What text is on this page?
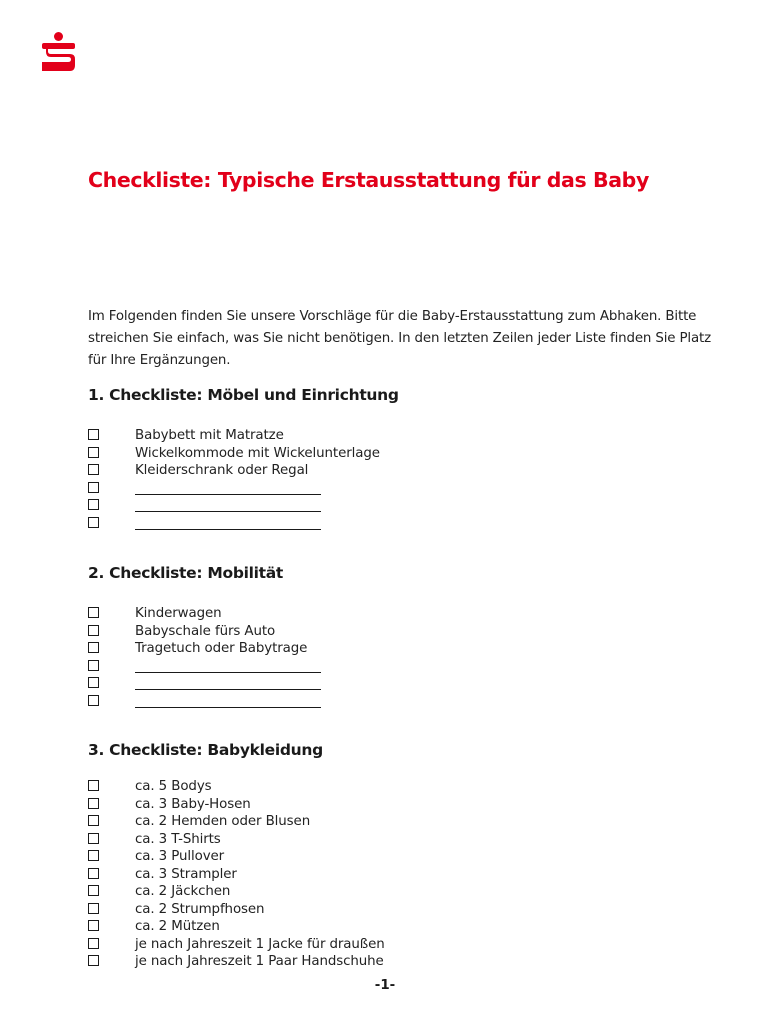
Checkliste: Typische Erstausstattung für das Baby

Im Folgenden finden Sie unsere Vorschläge für die Baby-Erstausstattung zum Abhaken. Bitte streichen Sie einfach, was Sie nicht benötigen. In den letzten Zeilen jeder Liste finden Sie Platz für Ihre Ergänzungen.

1. Checkliste: Möbel und Einrichtung
Babybett mit Matratze
Wickelkommode mit Wickelunterlage
Kleiderschrank oder Regal
2. Checkliste: Mobilität
Kinderwagen
Babyschale fürs Auto
Tragetuch oder Babytrage
3. Checkliste: Babykleidung
ca. 5 Bodys
ca. 3 Baby-Hosen
ca. 2 Hemden oder Blusen
ca. 3 T-Shirts
ca. 3 Pullover
ca. 3 Strampler
ca. 2 Jäckchen
ca. 2 Strumpfhosen
ca. 2 Mützen
je nach Jahreszeit 1 Jacke für draußen
je nach Jahreszeit 1 Paar Handschuhe
-1-
